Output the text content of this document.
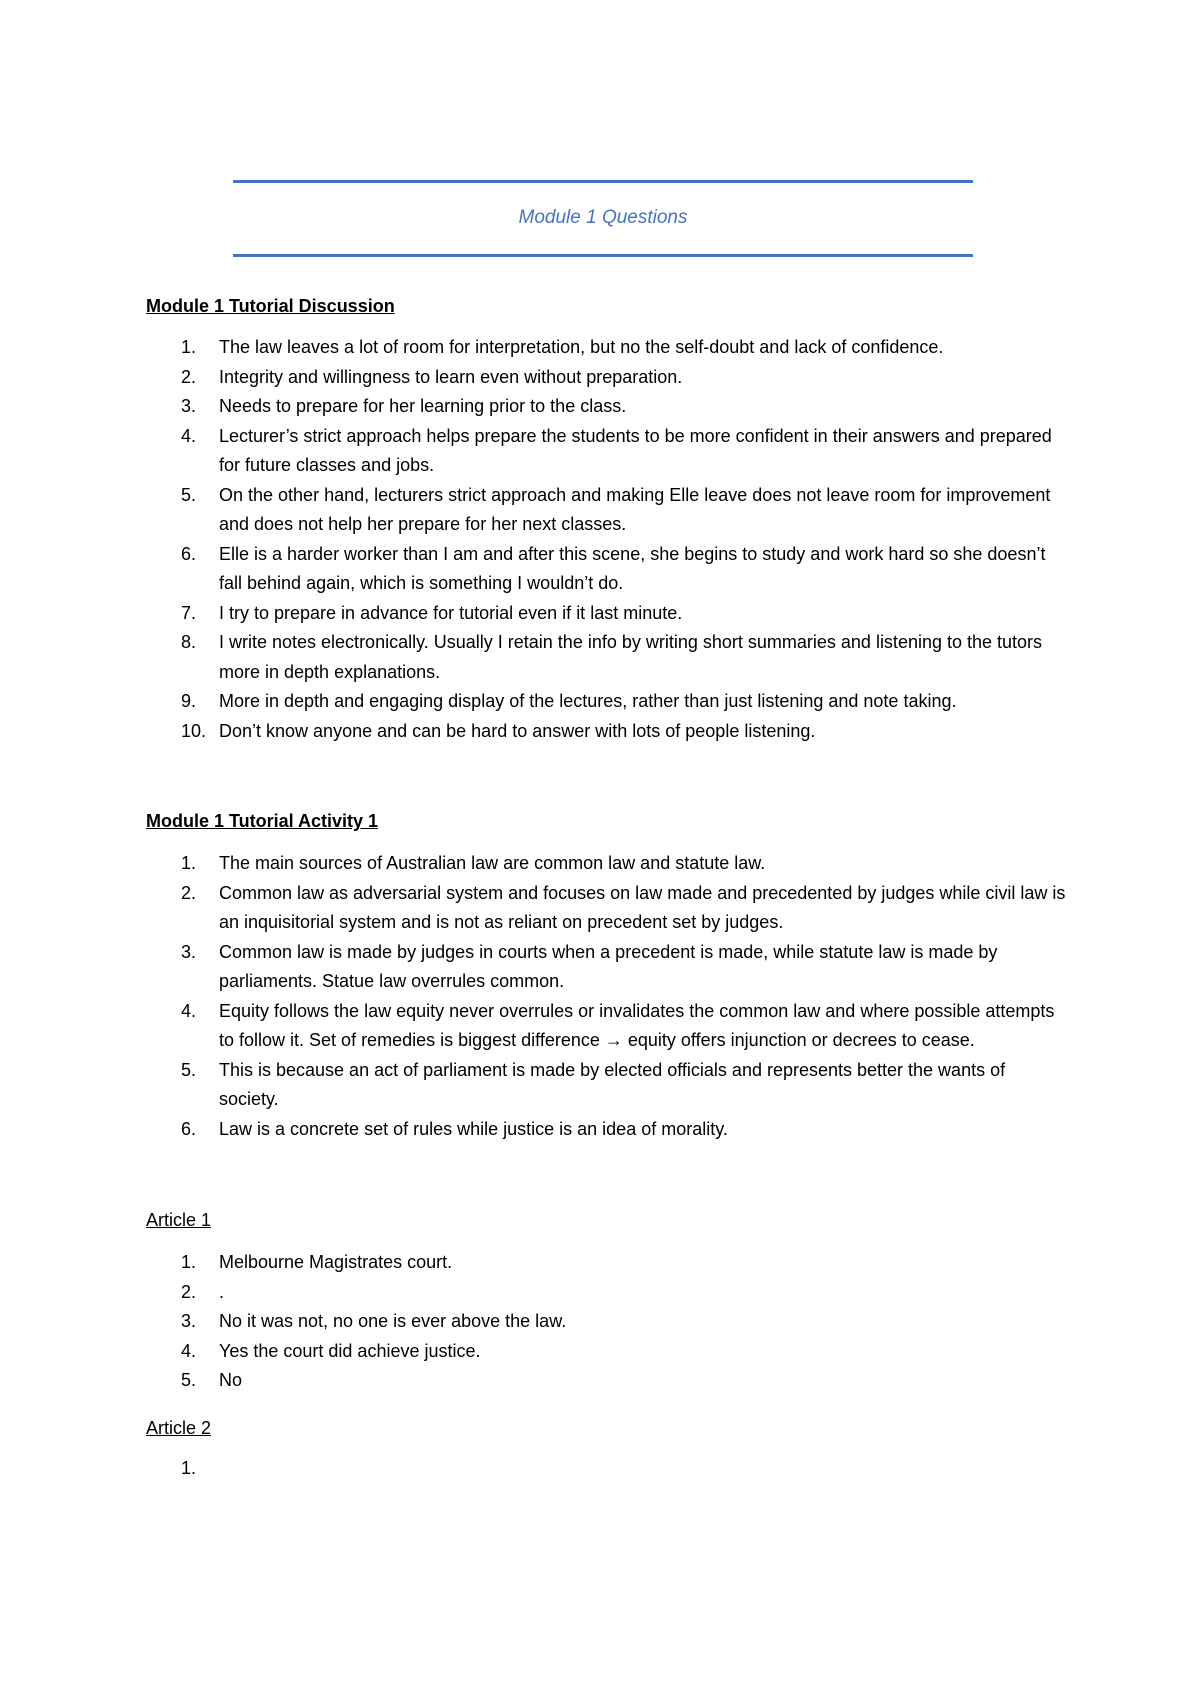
Module 1 Questions
Module 1 Tutorial Discussion
1.	The law leaves a lot of room for interpretation, but no the self-doubt and lack of confidence.
2.	Integrity and willingness to learn even without preparation.
3.	Needs to prepare for her learning prior to the class.
4.	Lecturer’s strict approach helps prepare the students to be more confident in their answers and prepared for future classes and jobs.
5.	On the other hand, lecturers strict approach and making Elle leave does not leave room for improvement and does not help her prepare for her next classes.
6.	Elle is a harder worker than I am and after this scene, she begins to study and work hard so she doesn’t fall behind again, which is something I wouldn’t do.
7.	I try to prepare in advance for tutorial even if it last minute.
8.	I write notes electronically. Usually I retain the info by writing short summaries and listening to the tutors more in depth explanations.
9.	More in depth and engaging display of the lectures, rather than just listening and note taking.
10. Don’t know anyone and can be hard to answer with lots of people listening.
Module 1 Tutorial Activity 1
1.	The main sources of Australian law are common law and statute law.
2.	Common law as adversarial system and focuses on law made and precedented by judges while civil law is an inquisitorial system and is not as reliant on precedent set by judges.
3.	Common law is made by judges in courts when a precedent is made, while statute law is made by parliaments. Statue law overrules common.
4.	Equity follows the law equity never overrules or invalidates the common law and where possible attempts to follow it. Set of remedies is biggest difference → equity offers injunction or decrees to cease.
5.	This is because an act of parliament is made by elected officials and represents better the wants of society.
6.	Law is a concrete set of rules while justice is an idea of morality.
Article 1
1.	Melbourne Magistrates court.
2.	.
3.	No it was not, no one is ever above the law.
4.	Yes the court did achieve justice.
5.	No
Article 2
1.
